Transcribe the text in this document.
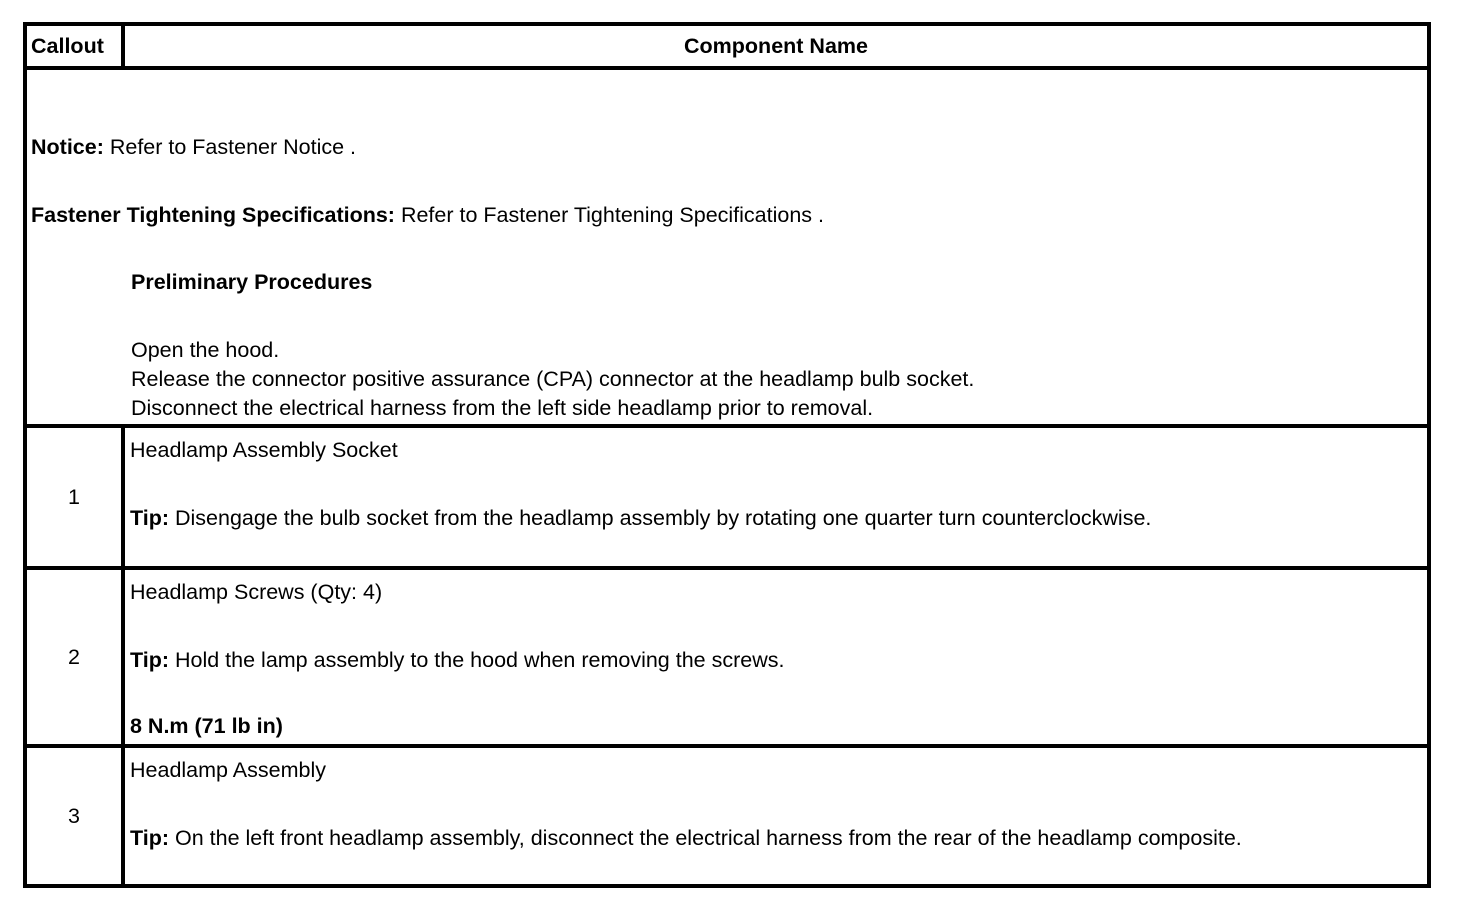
Callout	Component Name
Notice: Refer to Fastener Notice .
Fastener Tightening Specifications: Refer to Fastener Tightening Specifications .
Preliminary Procedures
Open the hood.
Release the connector positive assurance (CPA) connector at the headlamp bulb socket.
Disconnect the electrical harness from the left side headlamp prior to removal.
1
Headlamp Assembly Socket
Tip: Disengage the bulb socket from the headlamp assembly by rotating one quarter turn counterclockwise.
2
Headlamp Screws (Qty: 4)
Tip: Hold the lamp assembly to the hood when removing the screws.
8 N.m (71 lb in)
3
Headlamp Assembly
Tip: On the left front headlamp assembly, disconnect the electrical harness from the rear of the headlamp composite.
